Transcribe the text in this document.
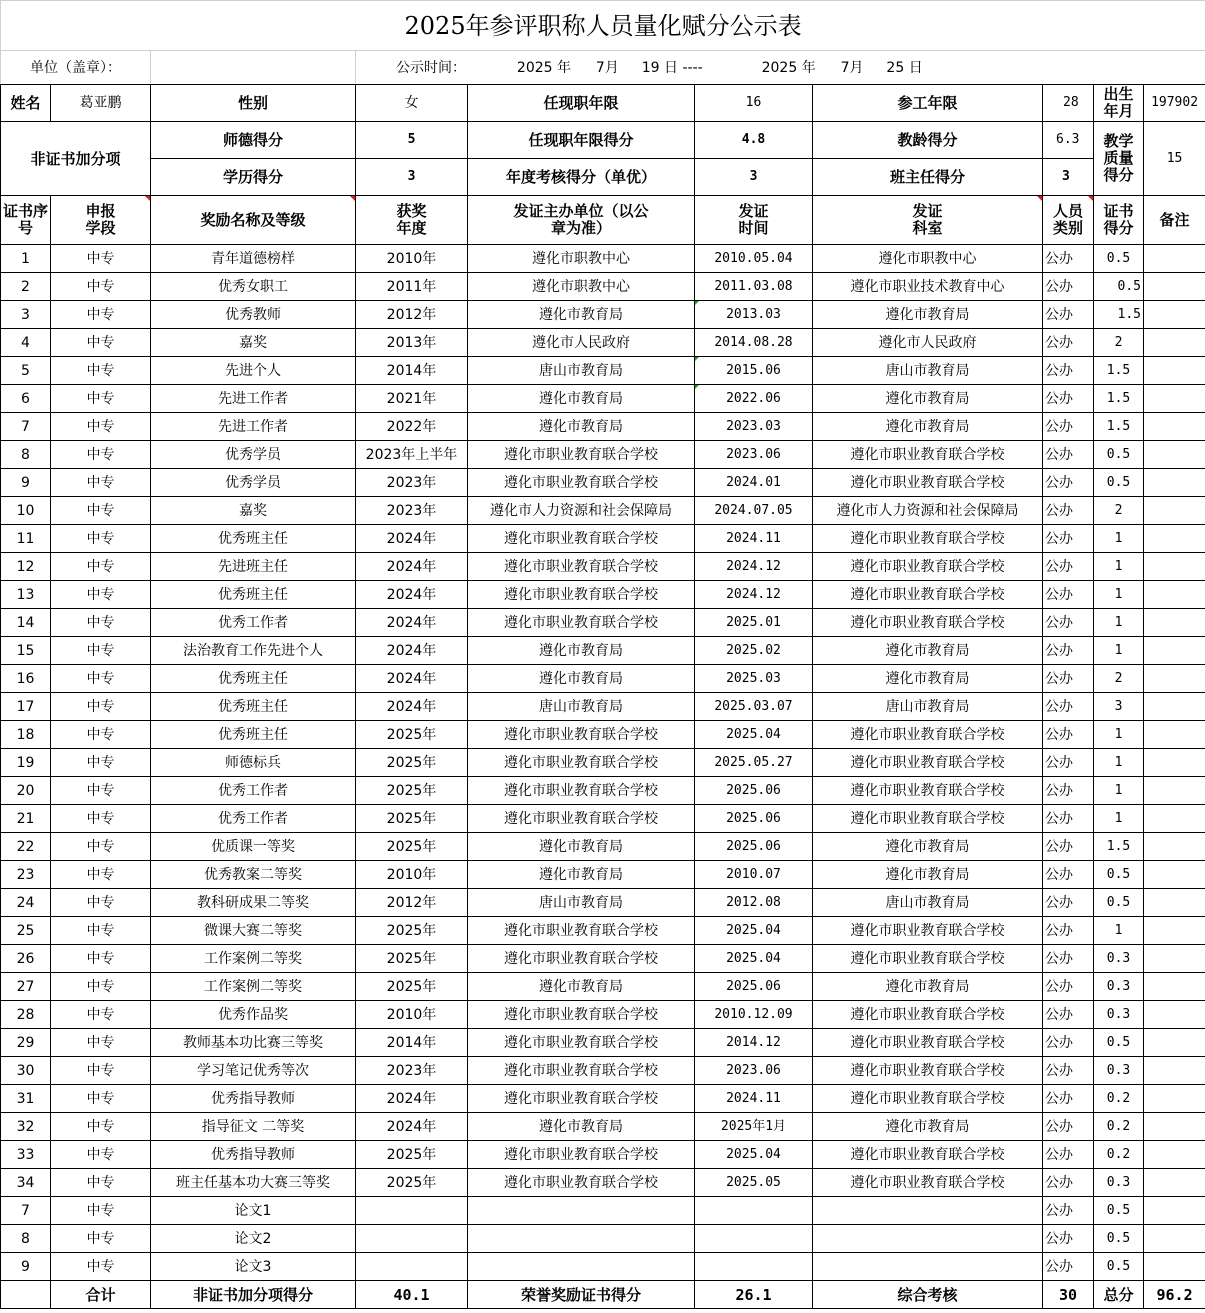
2025年参评职称人员量化赋分公示表									
单位（盖章）：			公示时间： 2025 年 7月 19 日 ---- 2025 年 7月 25 日						
姓名	葛亚鹏	性别	女	任现职年限	16	参工年限	28	出生年月	197902
非证书加分项		师德得分	5	任现职年限得分	4.8	教龄得分	6.3	教学质量得分	15
		学历得分	3	年度考核得分（单优）	3	班主任得分	3		
证书序号	申报学段	奖励名称及等级	获奖年度	发证主办单位（以公章为准）	发证时间	发证科室	人员类别	证书得分	备注
1	中专	青年道德榜样	2010年	遵化市职教中心	2010.05.04	遵化市职教中心	公办	0.5	
2	中专	优秀女职工	2011年	遵化市职教中心	2011.03.08	遵化市职业技术教育中心	公办	0.5	
3	中专	优秀教师	2012年	遵化市教育局	2013.03	遵化市教育局	公办	1.5	
4	中专	嘉奖	2013年	遵化市人民政府	2014.08.28	遵化市人民政府	公办	2	
5	中专	先进个人	2014年	唐山市教育局	2015.06	唐山市教育局	公办	1.5	
6	中专	先进工作者	2021年	遵化市教育局	2022.06	遵化市教育局	公办	1.5	
7	中专	先进工作者	2022年	遵化市教育局	2023.03	遵化市教育局	公办	1.5	
8	中专	优秀学员	2023年上半年	遵化市职业教育联合学校	2023.06	遵化市职业教育联合学校	公办	0.5	
9	中专	优秀学员	2023年	遵化市职业教育联合学校	2024.01	遵化市职业教育联合学校	公办	0.5	
10	中专	嘉奖	2023年	遵化市人力资源和社会保障局	2024.07.05	遵化市人力资源和社会保障局	公办	2	
11	中专	优秀班主任	2024年	遵化市职业教育联合学校	2024.11	遵化市职业教育联合学校	公办	1	
12	中专	先进班主任	2024年	遵化市职业教育联合学校	2024.12	遵化市职业教育联合学校	公办	1	
13	中专	优秀班主任	2024年	遵化市职业教育联合学校	2024.12	遵化市职业教育联合学校	公办	1	
14	中专	优秀工作者	2024年	遵化市职业教育联合学校	2025.01	遵化市职业教育联合学校	公办	1	
15	中专	法治教育工作先进个人	2024年	遵化市教育局	2025.02	遵化市教育局	公办	1	
16	中专	优秀班主任	2024年	遵化市教育局	2025.03	遵化市教育局	公办	2	
17	中专	优秀班主任	2024年	唐山市教育局	2025.03.07	唐山市教育局	公办	3	
18	中专	优秀班主任	2025年	遵化市职业教育联合学校	2025.04	遵化市职业教育联合学校	公办	1	
19	中专	师德标兵	2025年	遵化市职业教育联合学校	2025.05.27	遵化市职业教育联合学校	公办	1	
20	中专	优秀工作者	2025年	遵化市职业教育联合学校	2025.06	遵化市职业教育联合学校	公办	1	
21	中专	优秀工作者	2025年	遵化市职业教育联合学校	2025.06	遵化市职业教育联合学校	公办	1	
22	中专	优质课一等奖	2025年	遵化市教育局	2025.06	遵化市教育局	公办	1.5	
23	中专	优秀教案二等奖	2010年	遵化市教育局	2010.07	遵化市教育局	公办	0.5	
24	中专	教科研成果二等奖	2012年	唐山市教育局	2012.08	唐山市教育局	公办	0.5	
25	中专	微课大赛二等奖	2025年	遵化市职业教育联合学校	2025.04	遵化市职业教育联合学校	公办	1	
26	中专	工作案例二等奖	2025年	遵化市职业教育联合学校	2025.04	遵化市职业教育联合学校	公办	0.3	
27	中专	工作案例二等奖	2025年	遵化市教育局	2025.06	遵化市教育局	公办	0.3	
28	中专	优秀作品奖	2010年	遵化市职业教育联合学校	2010.12.09	遵化市职业教育联合学校	公办	0.3	
29	中专	教师基本功比赛三等奖	2014年	遵化市职业教育联合学校	2014.12	遵化市职业教育联合学校	公办	0.5	
30	中专	学习笔记优秀等次	2023年	遵化市职业教育联合学校	2023.06	遵化市职业教育联合学校	公办	0.3	
31	中专	优秀指导教师	2024年	遵化市职业教育联合学校	2024.11	遵化市职业教育联合学校	公办	0.2	
32	中专	指导征文 二等奖	2024年	遵化市教育局	2025年1月	遵化市教育局	公办	0.2	
33	中专	优秀指导教师	2025年	遵化市职业教育联合学校	2025.04	遵化市职业教育联合学校	公办	0.2	
34	中专	班主任基本功大赛三等奖	2025年	遵化市职业教育联合学校	2025.05	遵化市职业教育联合学校	公办	0.3	
7	中专	论文1					公办	0.5	
8	中专	论文2					公办	0.5	
9	中专	论文3					公办	0.5	
	合计	非证书加分项得分	40.1	荣誉奖励证书得分	26.1	综合考核	30	总分	96.2
